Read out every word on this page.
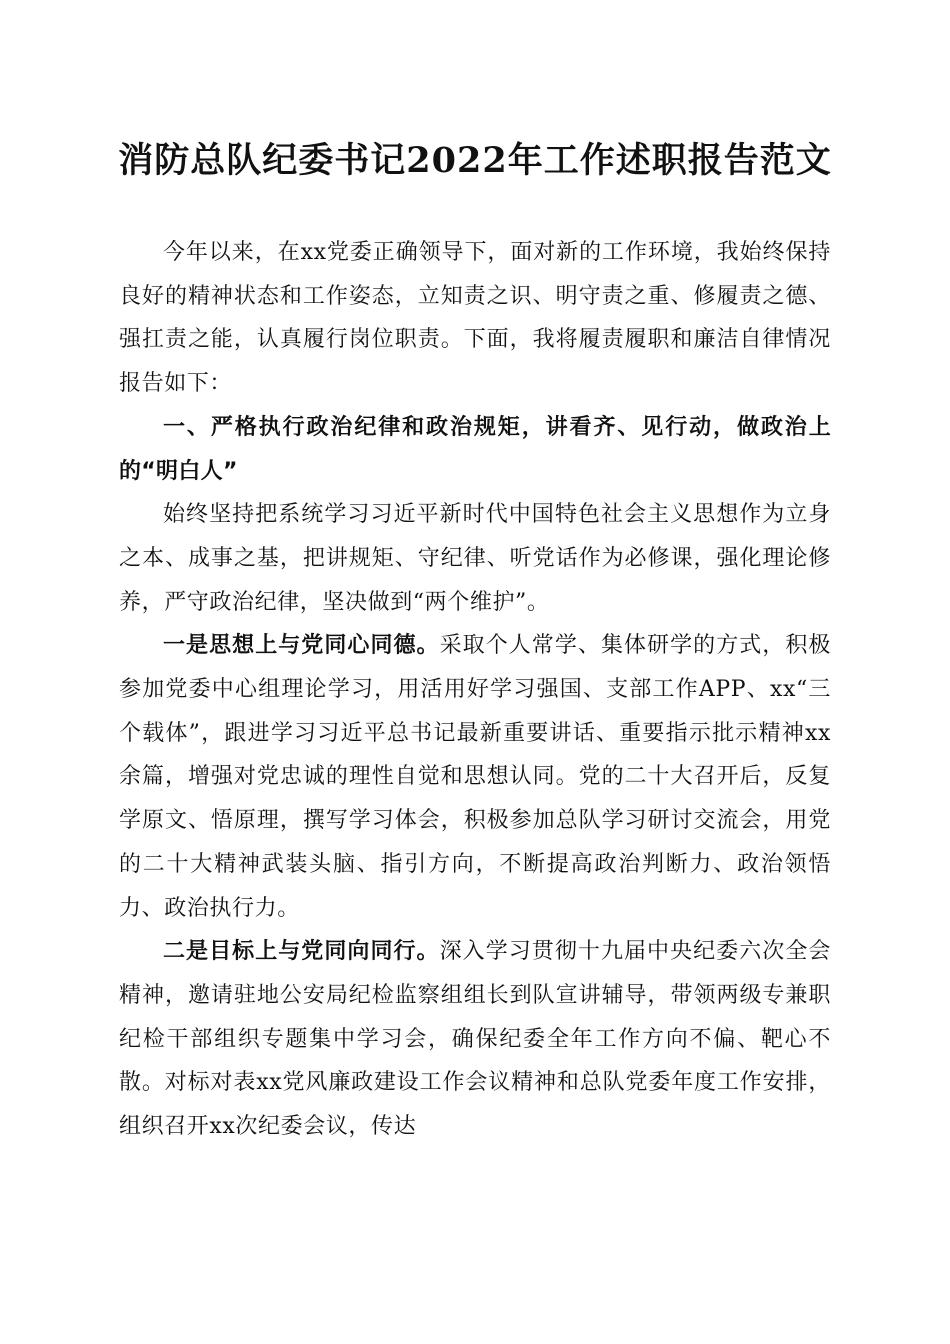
消防总队纪委书记2022年工作述职报告范文

今年以来，在xx党委正确领导下，面对新的工作环境，我始终保持良好的精神状态和工作姿态，立知责之识、明守责之重、修履责之德、强扛责之能，认真履行岗位职责。下面，我将履责履职和廉洁自律情况报告如下：

一、严格执行政治纪律和政治规矩，讲看齐、见行动，做政治上的“明白人”

始终坚持把系统学习习近平新时代中国特色社会主义思想作为立身之本、成事之基，把讲规矩、守纪律、听党话作为必修课，强化理论修养，严守政治纪律，坚决做到“两个维护”。

一是思想上与党同心同德。采取个人常学、集体研学的方式，积极参加党委中心组理论学习，用活用好学习强国、支部工作APP、xx“三个载体”，跟进学习习近平总书记最新重要讲话、重要指示批示精神xx余篇，增强对党忠诚的理性自觉和思想认同。党的二十大召开后，反复学原文、悟原理，撰写学习体会，积极参加总队学习研讨交流会，用党的二十大精神武装头脑、指引方向，不断提高政治判断力、政治领悟力、政治执行力。

二是目标上与党同向同行。深入学习贯彻十九届中央纪委六次全会精神，邀请驻地公安局纪检监察组组长到队宣讲辅导，带领两级专兼职纪检干部组织专题集中学习会，确保纪委全年工作方向不偏、靶心不散。对标对表xx党风廉政建设工作会议精神和总队党委年度工作安排，组织召开xx次纪委会议，传达
